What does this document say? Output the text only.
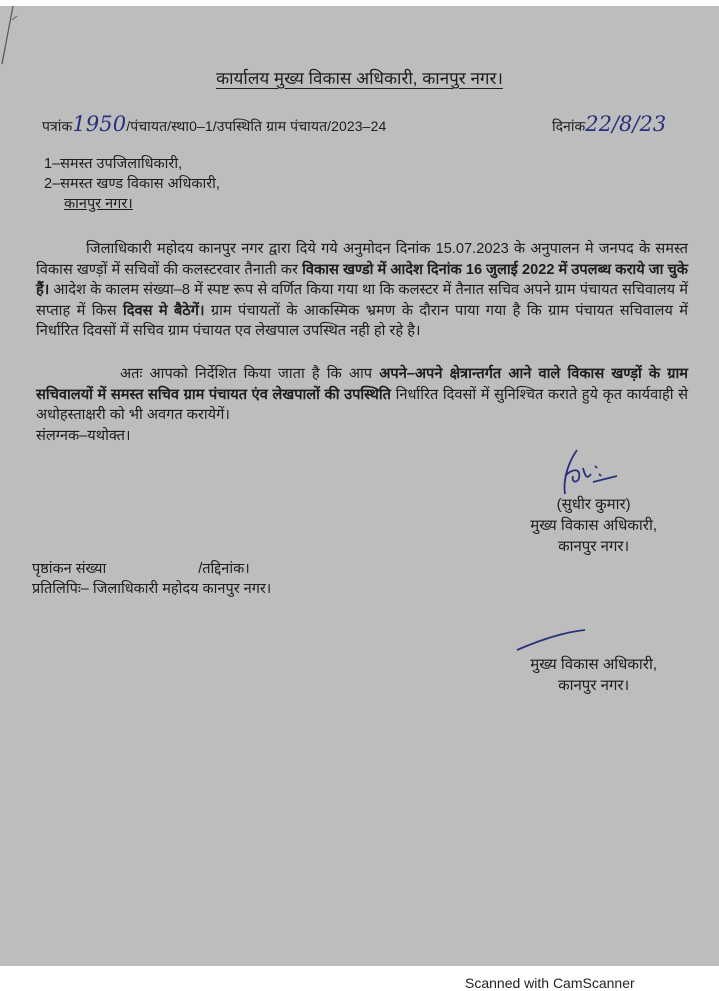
कार्यालय मुख्य विकास अधिकारी, कानपुर नगर।
पत्रांक1950/पंचायत/स्था0–1/उपस्थिति ग्राम पंचायत/2023–24	दिनांक22/8/23
1–समस्त उपजिलाधिकारी,
2–समस्त खण्ड विकास अधिकारी,
कानपुर नगर।
जिलाधिकारी महोदय कानपुर नगर द्वारा दिये गये अनुमोदन दिनांक 15.07.2023 के अनुपालन मे जनपद के समस्त विकास खण्ड़ों में सचिवों की कलस्टरवार तैनाती कर विकास खण्डो में आदेश दिनांक 16 जुलाई 2022 में उपलब्ध कराये जा चुके हैं। आदेश के कालम संख्या–8 में स्पष्ट रूप से वर्णित किया गया था कि कलस्टर में तैनात सचिव अपने ग्राम पंचायत सचिवालय में सप्ताह में किस दिवस मे बैठेगें। ग्राम पंचायतों के आकस्मिक भ्रमण के दौरान पाया गया है कि ग्राम पंचायत सचिवालय में निर्धारित दिवसों में सचिव ग्राम पंचायत एव लेखपाल उपस्थित नही हो रहे है।
अतः आपको निर्देशित किया जाता है कि आप अपने–अपने क्षेत्रान्तर्गत आने वाले विकास खण्ड़ों के ग्राम सचिवालयों में समस्त सचिव ग्राम पंचायत एंव लेखपालों की उपस्थिति निर्धारित दिवसों में सुनिश्चित कराते हुये कृत कार्यवाही से अधोहस्ताक्षरी को भी अवगत करायेगें।
संलग्नक–यथोक्त।
(सुधीर कुमार)
मुख्य विकास अधिकारी,
कानपुर नगर।
पृष्ठांकन संख्या	/तद्दिनांक।
प्रतिलिपिः– जिलाधिकारी महोदय कानपुर नगर।
मुख्य विकास अधिकारी,
कानपुर नगर।
Scanned with CamScanner
